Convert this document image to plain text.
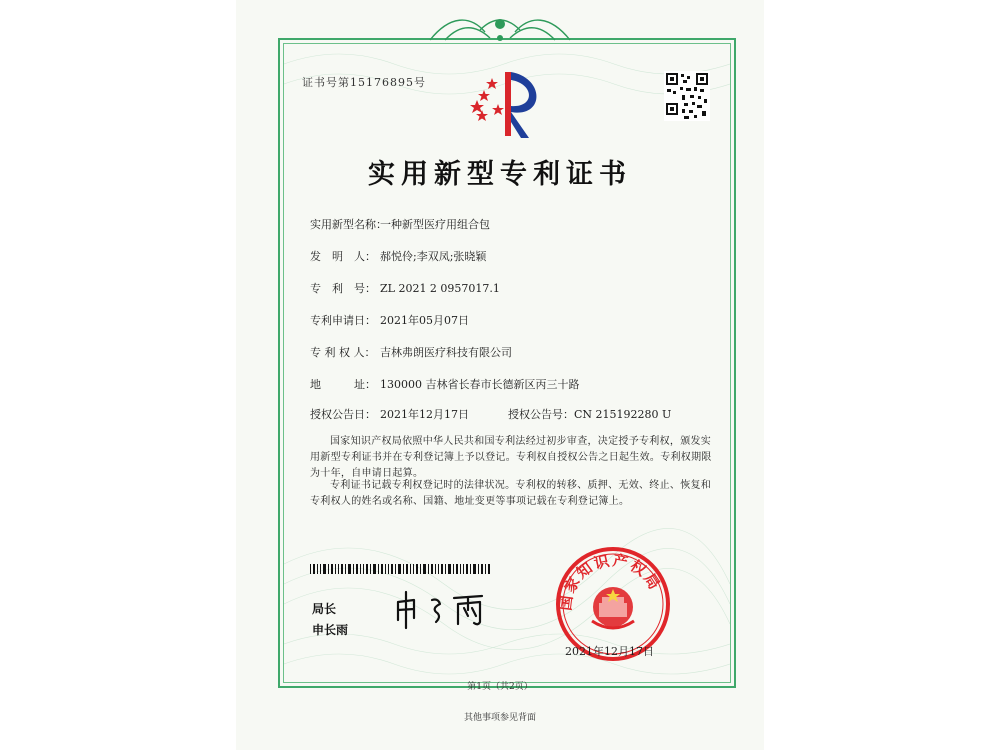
证书号第15176895号
实用新型专利证书
实用新型名称：一种新型医疗用组合包
发　明　人： 郝悦伶;李双凤;张晓颖
专　利　号： ZL 2021 2 0957017.1
专利申请日： 2021年05月07日
专 利 权 人： 吉林弗朗医疗科技有限公司
地　　　址： 130000 吉林省长春市长德新区丙三十路
授权公告日： 2021年12月17日	授权公告号：CN 215192280 U
国家知识产权局依照中华人民共和国专利法经过初步审查，决定授予专利权，颁发实用新型专利证书并在专利登记簿上予以登记。专利权自授权公告之日起生效。专利权期限为十年，自申请日起算。
专利证书记载专利权登记时的法律状况。专利权的转移、质押、无效、终止、恢复和专利权人的姓名或名称、国籍、地址变更等事项记载在专利登记簿上。
局长
申长雨
国家知识产权局
2021年12月17日
第1页（共2页）
其他事项参见背面
